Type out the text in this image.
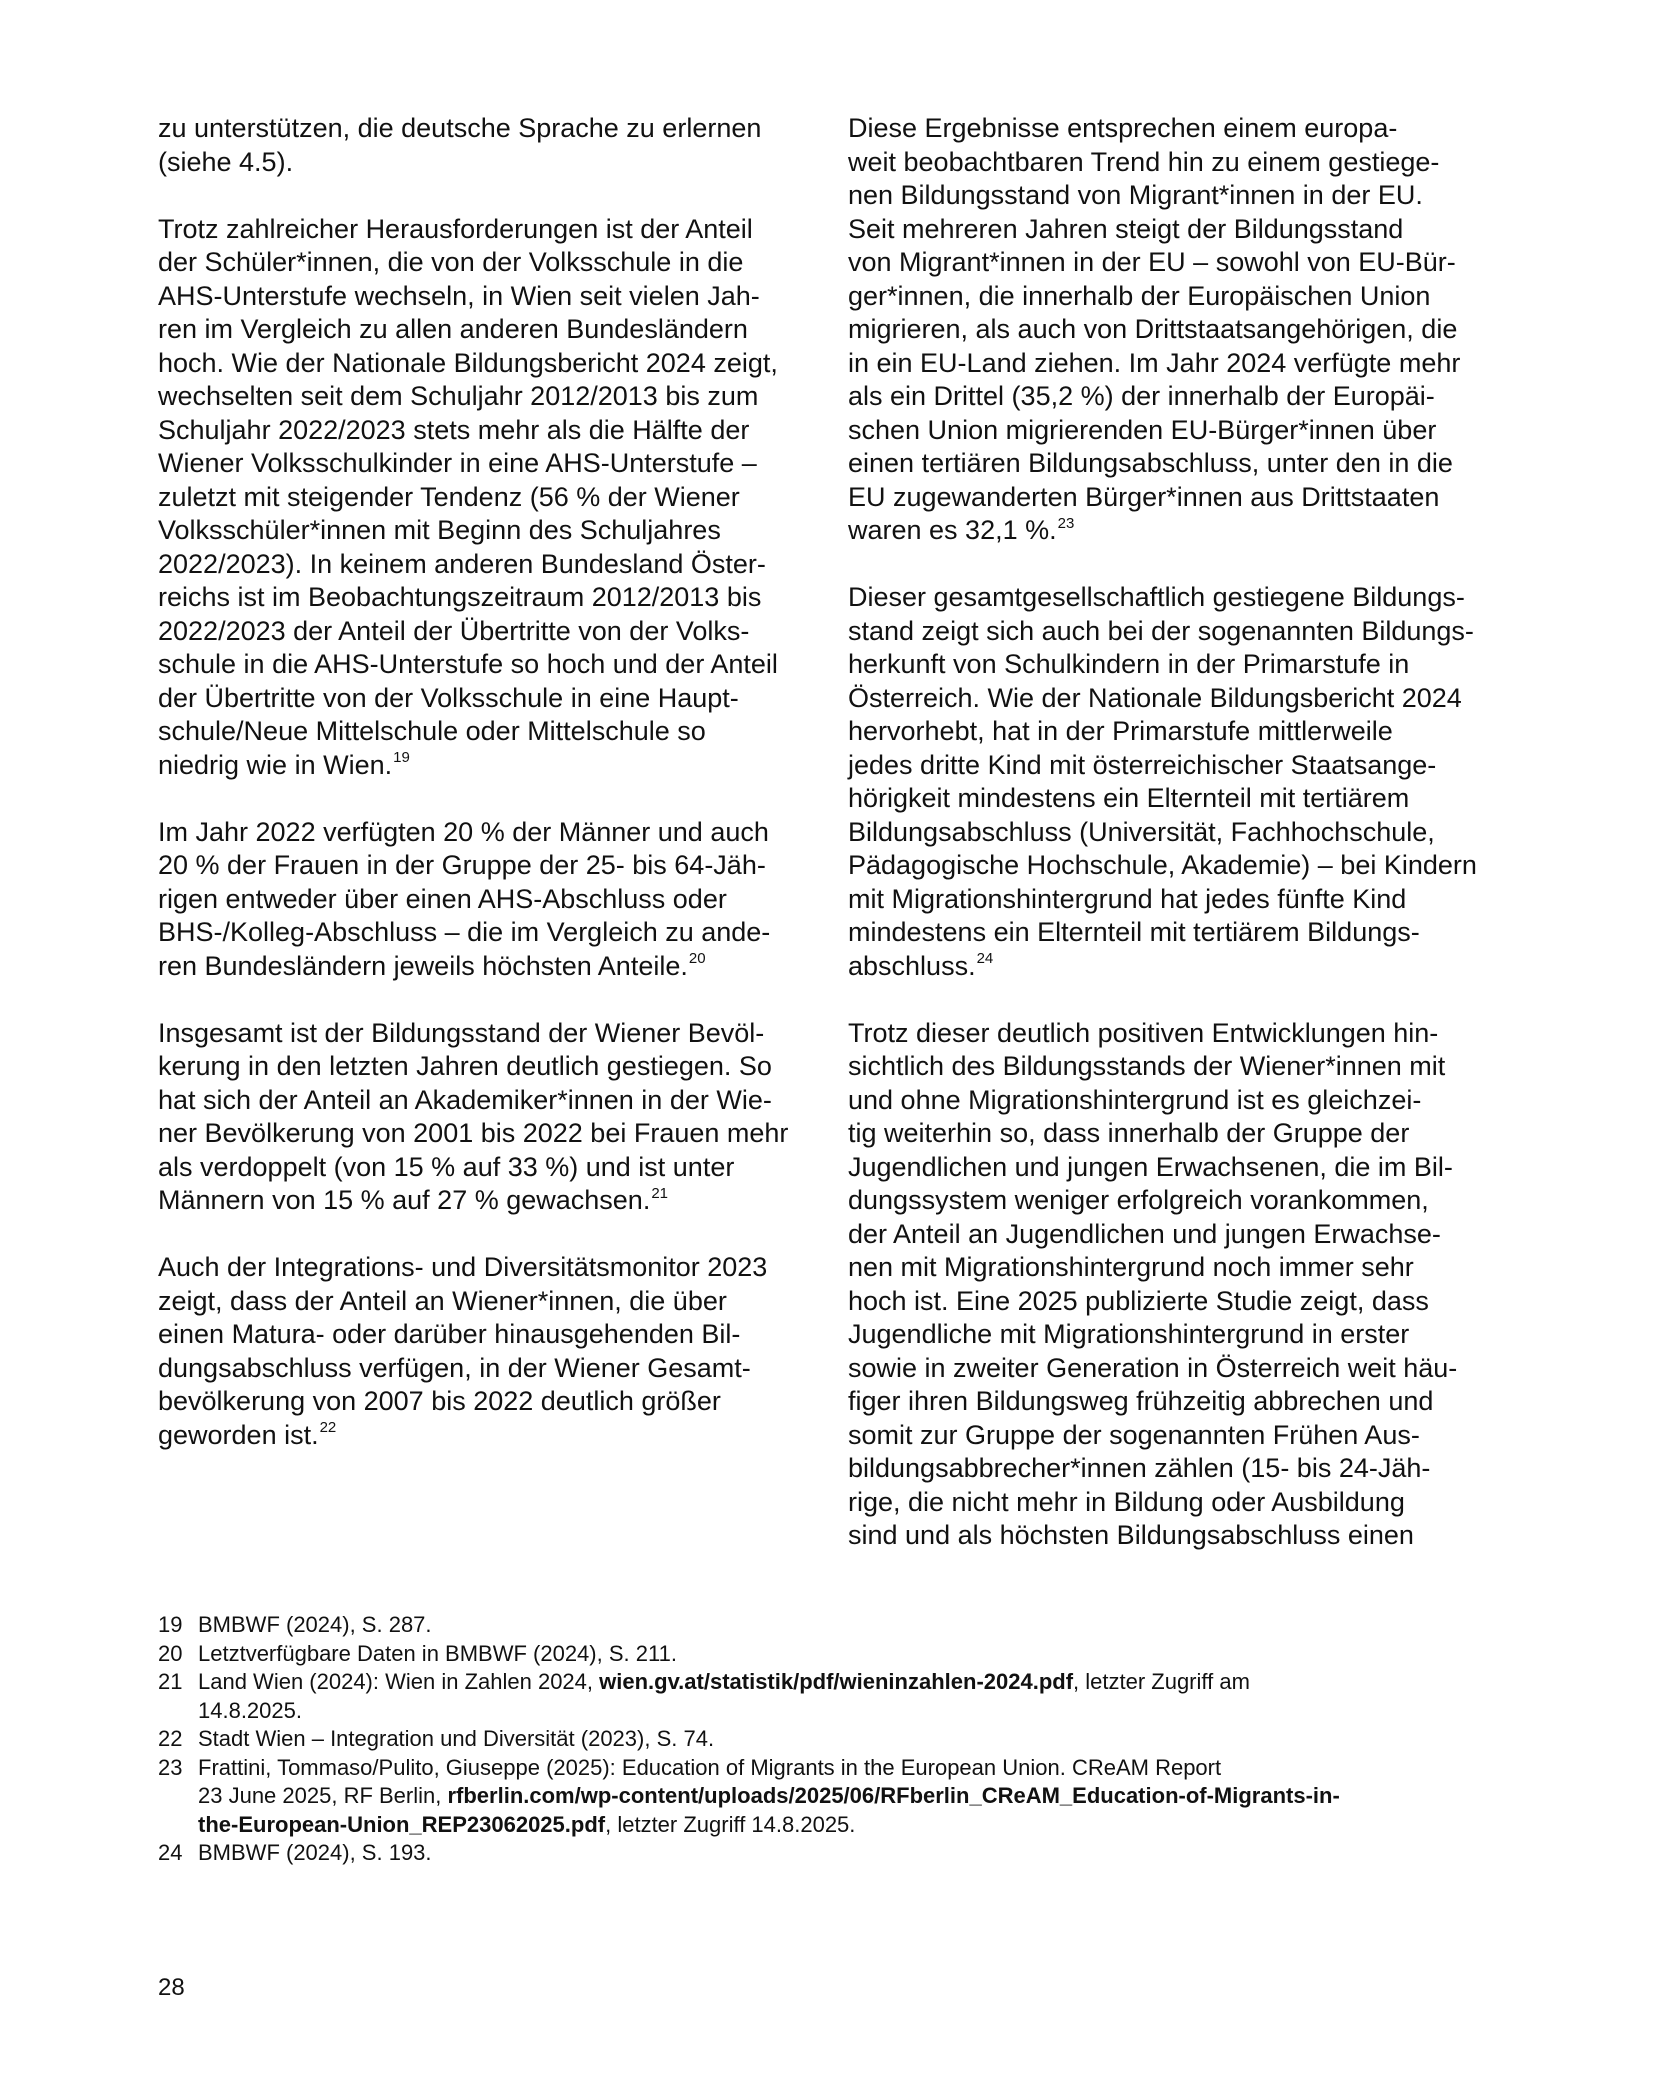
zu unterstützen, die deutsche Sprache zu erlernen
(siehe 4.5).
Trotz zahlreicher Herausforderungen ist der Anteil
der Schüler*innen, die von der Volksschule in die
AHS-Unterstufe wechseln, in Wien seit vielen Jah-
ren im Vergleich zu allen anderen Bundesländern
hoch. Wie der Nationale Bildungsbericht 2024 zeigt,
wechselten seit dem Schuljahr 2012/2013 bis zum
Schuljahr 2022/2023 stets mehr als die Hälfte der
Wiener Volksschulkinder in eine AHS-Unterstufe –
zuletzt mit steigender Tendenz (56 % der Wiener
Volksschüler*innen mit Beginn des Schuljahres
2022/2023). In keinem anderen Bundesland Öster-
reichs ist im Beobachtungszeitraum 2012/2013 bis
2022/2023 der Anteil der Übertritte von der Volks-
schule in die AHS-Unterstufe so hoch und der Anteil
der Übertritte von der Volksschule in eine Haupt-
schule/Neue Mittelschule oder Mittelschule so
niedrig wie in Wien.$^{19}$
Im Jahr 2022 verfügten 20 % der Männer und auch
20 % der Frauen in der Gruppe der 25- bis 64-Jäh-
rigen entweder über einen AHS-Abschluss oder
BHS-/Kolleg-Abschluss – die im Vergleich zu ande-
ren Bundesländern jeweils höchsten Anteile.$^{20}$
Insgesamt ist der Bildungsstand der Wiener Bevöl-
kerung in den letzten Jahren deutlich gestiegen. So
hat sich der Anteil an Akademiker*innen in der Wie-
ner Bevölkerung von 2001 bis 2022 bei Frauen mehr
als verdoppelt (von 15 % auf 33 %) und ist unter
Männern von 15 % auf 27 % gewachsen.$^{21}$
Auch der Integrations- und Diversitätsmonitor 2023
zeigt, dass der Anteil an Wiener*innen, die über
einen Matura- oder darüber hinausgehenden Bil-
dungsabschluss verfügen, in der Wiener Gesamt-
bevölkerung von 2007 bis 2022 deutlich größer
geworden ist.$^{22}$
Diese Ergebnisse entsprechen einem europa-
weit beobachtbaren Trend hin zu einem gestiege-
nen Bildungsstand von Migrant*innen in der EU.
Seit mehreren Jahren steigt der Bildungsstand
von Migrant*innen in der EU – sowohl von EU-Bür-
ger*innen, die innerhalb der Europäischen Union
migrieren, als auch von Drittstaatsangehörigen, die
in ein EU-Land ziehen. Im Jahr 2024 verfügte mehr
als ein Drittel (35,2 %) der innerhalb der Europäi-
schen Union migrierenden EU-Bürger*innen über
einen tertiären Bildungsabschluss, unter den in die
EU zugewanderten Bürger*innen aus Drittstaaten
waren es 32,1 %.$^{23}$
Dieser gesamtgesellschaftlich gestiegene Bildungs-
stand zeigt sich auch bei der sogenannten Bildungs-
herkunft von Schulkindern in der Primarstufe in
Österreich. Wie der Nationale Bildungsbericht 2024
hervorhebt, hat in der Primarstufe mittlerweile
jedes dritte Kind mit österreichischer Staatsange-
hörigkeit mindestens ein Elternteil mit tertiärem
Bildungsabschluss (Universität, Fachhochschule,
Pädagogische Hochschule, Akademie) – bei Kindern
mit Migrationshintergrund hat jedes fünfte Kind
mindestens ein Elternteil mit tertiärem Bildungs-
abschluss.$^{24}$
Trotz dieser deutlich positiven Entwicklungen hin-
sichtlich des Bildungsstands der Wiener*innen mit
und ohne Migrationshintergrund ist es gleichzei-
tig weiterhin so, dass innerhalb der Gruppe der
Jugendlichen und jungen Erwachsenen, die im Bil-
dungssystem weniger erfolgreich vorankommen,
der Anteil an Jugendlichen und jungen Erwachse-
nen mit Migrationshintergrund noch immer sehr
hoch ist. Eine 2025 publizierte Studie zeigt, dass
Jugendliche mit Migrationshintergrund in erster
sowie in zweiter Generation in Österreich weit häu-
figer ihren Bildungsweg frühzeitig abbrechen und
somit zur Gruppe der sogenannten Frühen Aus-
bildungsabbrecher*innen zählen (15- bis 24-Jäh-
rige, die nicht mehr in Bildung oder Ausbildung
sind und als höchsten Bildungsabschluss einen
19 BMBWF (2024), S. 287.
20 Letztverfügbare Daten in BMBWF (2024), S. 211.
21 Land Wien (2024): Wien in Zahlen 2024, wien.gv.at/statistik/pdf/wieninzahlen-2024.pdf, letzter Zugriff am
14.8.2025.
22 Stadt Wien – Integration und Diversität (2023), S. 74.
23 Frattini, Tommaso/Pulito, Giuseppe (2025): Education of Migrants in the European Union. CReAM Report
23 June 2025, RF Berlin, rfberlin.com/wp-content/uploads/2025/06/RFberlin_CReAM_Education-of-Migrants-in-
the-European-Union_REP23062025.pdf, letzter Zugriff 14.8.2025.
24 BMBWF (2024), S. 193.
28
